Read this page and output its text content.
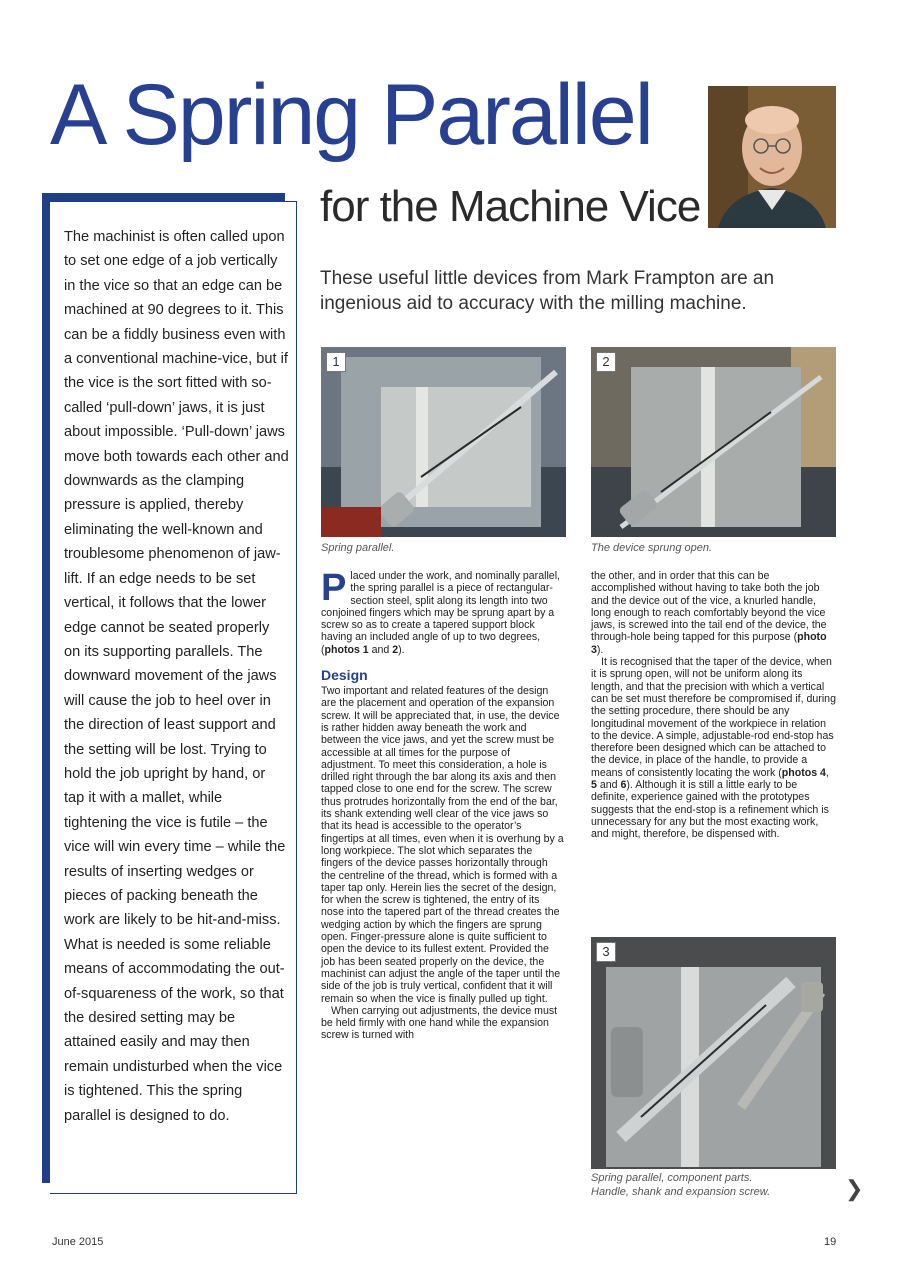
A Spring Parallel
for the Machine Vice
These useful little devices from Mark Frampton are an ingenious aid to accuracy with the milling machine.
The machinist is often called upon to set one edge of a job vertically in the vice so that an edge can be machined at 90 degrees to it. This can be a fiddly business even with a conventional machine-vice, but if the vice is the sort fitted with so-called ‘pull-down’ jaws, it is just about impossible. ‘Pull-down’ jaws move both towards each other and downwards as the clamping pressure is applied, thereby eliminating the well-known and troublesome phenomenon of jaw-lift. If an edge needs to be set vertical, it follows that the lower edge cannot be seated properly on its supporting parallels. The downward movement of the jaws will cause the job to heel over in the direction of least support and the setting will be lost. Trying to hold the job upright by hand, or tap it with a mallet, while tightening the vice is futile – the vice will win every time – while the results of inserting wedges or pieces of packing beneath the work are likely to be hit-and-miss. What is needed is some reliable means of accommodating the out-of-squareness of the work, so that the desired setting may be attained easily and may then remain undisturbed when the vice is tightened. This the spring parallel is designed to do.
1
Spring parallel.
2
The device sprung open.
3
Spring parallel, component parts.
Handle, shank and expansion screw.

Placed under the work, and nominally parallel, the spring parallel is a piece of rectangular-section steel, split along its length into two conjoined fingers which may be sprung apart by a screw so as to create a tapered support block having an included angle of up to two degrees, (photos 1 and 2).

Design

Two important and related features of the design are the placement and operation of the expansion screw. It will be appreciated that, in use, the device is rather hidden away beneath the work and between the vice jaws, and yet the screw must be accessible at all times for the purpose of adjustment. To meet this consideration, a hole is drilled right through the bar along its axis and then tapped close to one end for the screw. The screw thus protrudes horizontally from the end of the bar, its shank extending well clear of the vice jaws so that its head is accessible to the operator’s fingertips at all times, even when it is overhung by a long workpiece. The slot which separates the fingers of the device passes horizontally through the centreline of the thread, which is formed with a taper tap only. Herein lies the secret of the design, for when the screw is tightened, the entry of its nose into the tapered part of the thread creates the wedging action by which the fingers are sprung open. Finger-pressure alone is quite sufficient to open the device to its fullest extent. Provided the job has been seated properly on the device, the machinist can adjust the angle of the taper until the side of the job is truly vertical, confident that it will remain so when the vice is finally pulled up tight.

When carrying out adjustments, the device must be held firmly with one hand while the expansion screw is turned with

the other, and in order that this can be accomplished without having to take both the job and the device out of the vice, a knurled handle, long enough to reach comfortably beyond the vice jaws, is screwed into the tail end of the device, the through-hole being tapped for this purpose (photo 3).

It is recognised that the taper of the device, when it is sprung open, will not be uniform along its length, and that the precision with which a vertical can be set must therefore be compromised if, during the setting procedure, there should be any longitudinal movement of the workpiece in relation to the device. A simple, adjustable-rod end-stop has therefore been designed which can be attached to the device, in place of the handle, to provide a means of consistently locating the work (photos 4, 5 and 6). Although it is still a little early to be definite, experience gained with the prototypes suggests that the end-stop is a refinement which is unnecessary for any but the most exacting work, and might, therefore, be dispensed with.

❯
June 2015	19
